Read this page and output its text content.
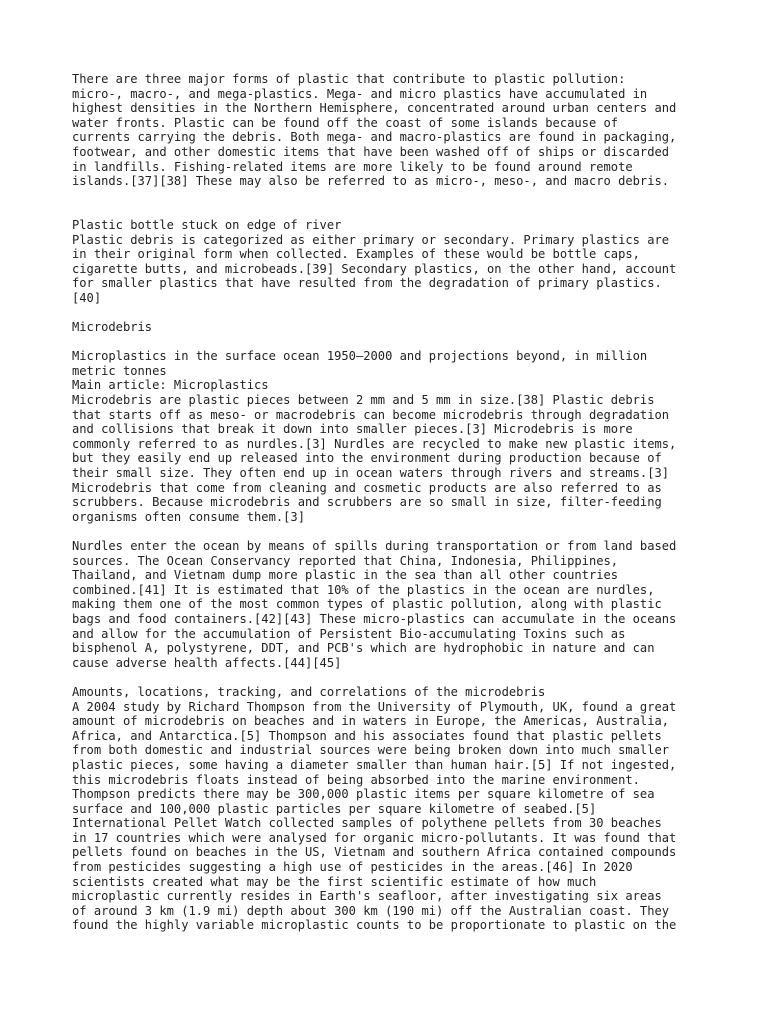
There are three major forms of plastic that contribute to plastic pollution:
micro-, macro-, and mega-plastics. Mega- and micro plastics have accumulated in
highest densities in the Northern Hemisphere, concentrated around urban centers and
water fronts. Plastic can be found off the coast of some islands because of
currents carrying the debris. Both mega- and macro-plastics are found in packaging,
footwear, and other domestic items that have been washed off of ships or discarded
in landfills. Fishing-related items are more likely to be found around remote
islands.[37][38] These may also be referred to as micro-, meso-, and macro debris.
Plastic bottle stuck on edge of river
Plastic debris is categorized as either primary or secondary. Primary plastics are
in their original form when collected. Examples of these would be bottle caps,
cigarette butts, and microbeads.[39] Secondary plastics, on the other hand, account
for smaller plastics that have resulted from the degradation of primary plastics.
[40]
Microdebris
Microplastics in the surface ocean 1950–2000 and projections beyond, in million
metric tonnes
Main article: Microplastics
Microdebris are plastic pieces between 2 mm and 5 mm in size.[38] Plastic debris
that starts off as meso- or macrodebris can become microdebris through degradation
and collisions that break it down into smaller pieces.[3] Microdebris is more
commonly referred to as nurdles.[3] Nurdles are recycled to make new plastic items,
but they easily end up released into the environment during production because of
their small size. They often end up in ocean waters through rivers and streams.[3]
Microdebris that come from cleaning and cosmetic products are also referred to as
scrubbers. Because microdebris and scrubbers are so small in size, filter-feeding
organisms often consume them.[3]
Nurdles enter the ocean by means of spills during transportation or from land based
sources. The Ocean Conservancy reported that China, Indonesia, Philippines,
Thailand, and Vietnam dump more plastic in the sea than all other countries
combined.[41] It is estimated that 10% of the plastics in the ocean are nurdles,
making them one of the most common types of plastic pollution, along with plastic
bags and food containers.[42][43] These micro-plastics can accumulate in the oceans
and allow for the accumulation of Persistent Bio-accumulating Toxins such as
bisphenol A, polystyrene, DDT, and PCB's which are hydrophobic in nature and can
cause adverse health affects.[44][45]
Amounts, locations, tracking, and correlations of the microdebris
A 2004 study by Richard Thompson from the University of Plymouth, UK, found a great
amount of microdebris on beaches and in waters in Europe, the Americas, Australia,
Africa, and Antarctica.[5] Thompson and his associates found that plastic pellets
from both domestic and industrial sources were being broken down into much smaller
plastic pieces, some having a diameter smaller than human hair.[5] If not ingested,
this microdebris floats instead of being absorbed into the marine environment.
Thompson predicts there may be 300,000 plastic items per square kilometre of sea
surface and 100,000 plastic particles per square kilometre of seabed.[5]
International Pellet Watch collected samples of polythene pellets from 30 beaches
in 17 countries which were analysed for organic micro-pollutants. It was found that
pellets found on beaches in the US, Vietnam and southern Africa contained compounds
from pesticides suggesting a high use of pesticides in the areas.[46] In 2020
scientists created what may be the first scientific estimate of how much
microplastic currently resides in Earth's seafloor, after investigating six areas
of around 3 km (1.9 mi) depth about 300 km (190 mi) off the Australian coast. They
found the highly variable microplastic counts to be proportionate to plastic on the
